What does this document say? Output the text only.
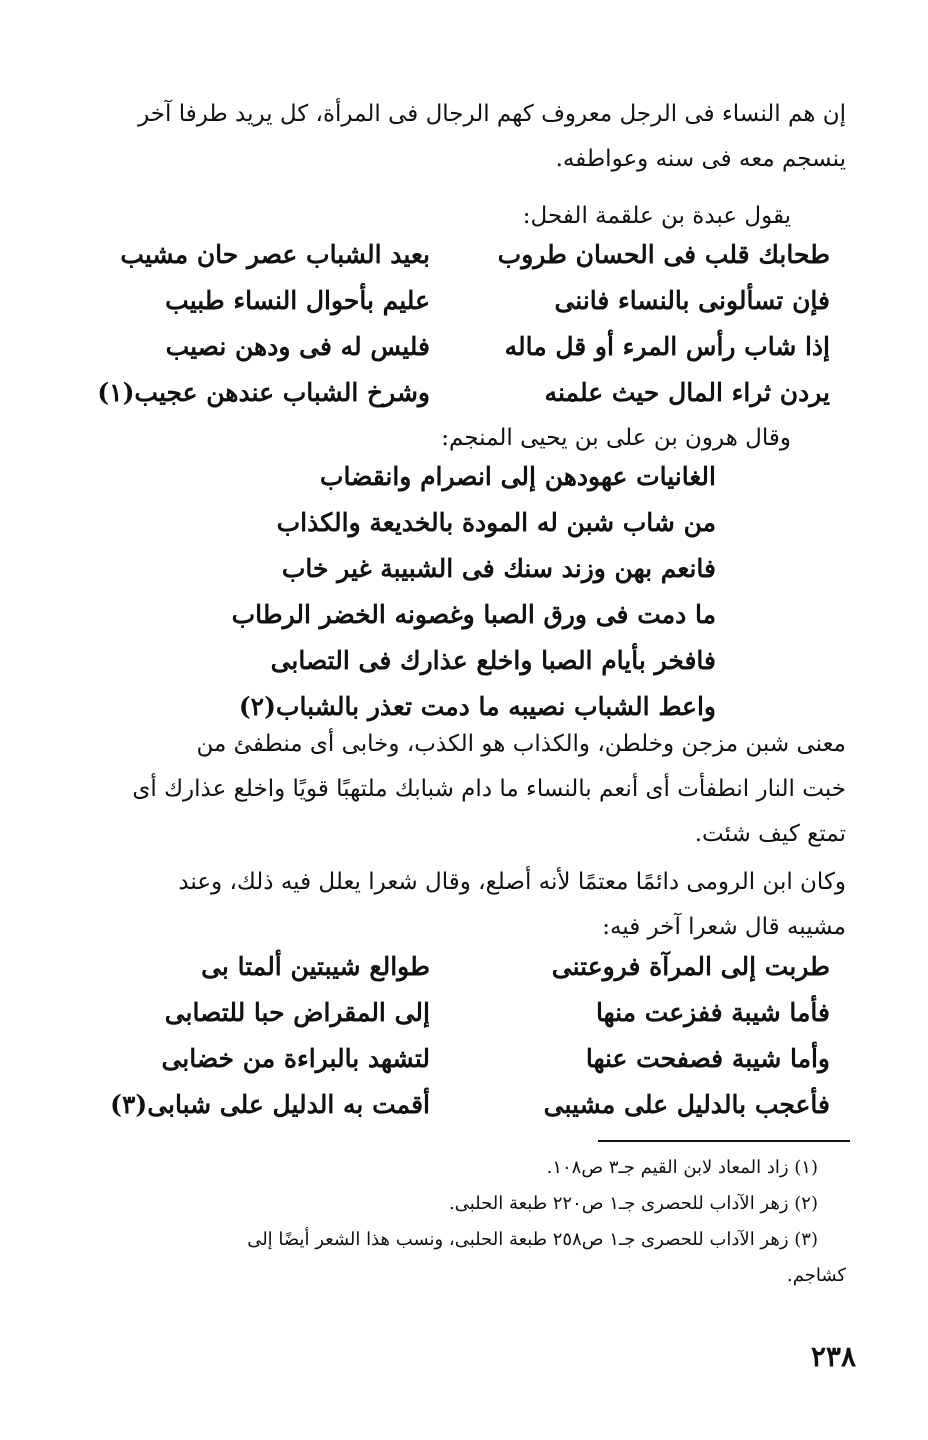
إن هم النساء فى الرجل معروف كهم الرجال فى المرأة، كل يريد طرفا آخر
ينسجم معه فى سنه وعواطفه.
يقول عبدة بن علقمة الفحل:
طحابك قلب فى الحسان طروب
بعيد الشباب عصر حان مشيب
فإن تسألونى بالنساء فاننى
عليم بأحوال النساء طبيب
إذا شاب رأس المرء أو قل ماله
فليس له فى ودهن نصيب
يردن ثراء المال حيث علمنه
وشرخ الشباب عندهن عجيب(١)
وقال هرون بن على بن يحيى المنجم:
الغانيات عهودهن إلى انصرام وانقضاب
من شاب شبن له المودة بالخديعة والكذاب
فانعم بهن وزند سنك فى الشبيبة غير خاب
ما دمت فى ورق الصبا وغصونه الخضر الرطاب
فافخر بأيام الصبا واخلع عذارك فى التصابى
واعط الشباب نصيبه ما دمت تعذر بالشباب(٢)
معنى شبن مزجن وخلطن، والكذاب هو الكذب، وخابى أى منطفئ من
خبت النار انطفأت أى أنعم بالنساء ما دام شبابك ملتهبًا قويًا واخلع عذارك أى
تمتع كيف شئت.
وكان ابن الرومى دائمًا معتمًا لأنه أصلع، وقال شعرا يعلل فيه ذلك، وعند
مشيبه قال شعرا آخر فيه:
طربت إلى المرآة فروعتنى
طوالع شيبتين ألمتا بى
فأما شيبة ففزعت منها
إلى المقراض حبا للتصابى
وأما شيبة فصفحت عنها
لتشهد بالبراءة من خضابى
فأعجب بالدليل على مشيبى
أقمت به الدليل على شبابى(٣)
(١) زاد المعاد لابن القيم جـ٣ ص١٠٨.
(٢) زهر الآداب للحصرى جـ١ ص٢٢٠ طبعة الحلبى.
(٣) زهر الآداب للحصرى جـ١ ص٢٥٨ طبعة الحلبى، ونسب هذا الشعر أيضًا إلى
كشاجم.
٢٣٨
